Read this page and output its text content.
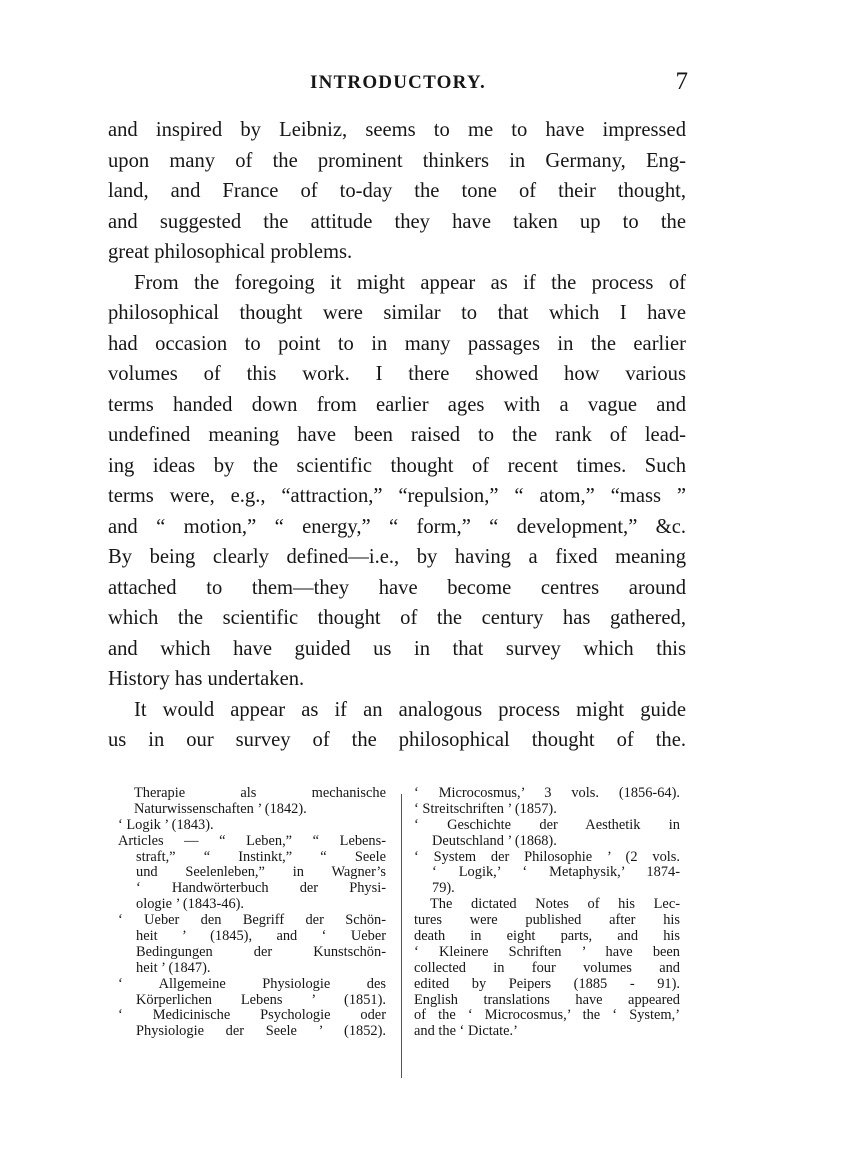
INTRODUCTORY.	7
and inspired by Leibniz, seems to me to have impressed
upon many of the prominent thinkers in Germany, Eng-
land, and France of to-day the tone of their thought,
and suggested the attitude they have taken up to the
great philosophical problems.
From the foregoing it might appear as if the process of
philosophical thought were similar to that which I have
had occasion to point to in many passages in the earlier
volumes of this work. I there showed how various
terms handed down from earlier ages with a vague and
undefined meaning have been raised to the rank of lead-
ing ideas by the scientific thought of recent times. Such
terms were, e.g., “attraction,” “repulsion,” “ atom,” “mass ”
and “ motion,” “ energy,” “ form,” “ development,” &c.
By being clearly defined—i.e., by having a fixed meaning
attached to them—they have become centres around
which the scientific thought of the century has gathered,
and which have guided us in that survey which this
History has undertaken.
It would appear as if an analogous process might guide
us in our survey of the philosophical thought of the.
Therapie als mechanische
Naturwissenschaften ’ (1842).
‘ Logik ’ (1843).
Articles — “ Leben,” “ Lebens-
straft,” “ Instinkt,” “ Seele
und Seelenleben,” in Wagner’s
‘ Handwörterbuch der Physi-
ologie ’ (1843-46).
‘ Ueber den Begriff der Schön-
heit ’ (1845), and ‘ Ueber
Bedingungen der Kunstschön-
heit ’ (1847).
‘ Allgemeine Physiologie des
Körperlichen Lebens ’ (1851).
‘ Medicinische Psychologie oder
Physiologie der Seele ’ (1852).
‘ Microcosmus,’ 3 vols. (1856-64).
‘ Streitschriften ’ (1857).
‘ Geschichte der Aesthetik in
Deutschland ’ (1868).
‘ System der Philosophie ’ (2 vols.
‘ Logik,’ ‘ Metaphysik,’ 1874-
79).
The dictated Notes of his Lec-
tures were published after his
death in eight parts, and his
‘ Kleinere Schriften ’ have been
collected in four volumes and
edited by Peipers (1885 - 91).
English translations have appeared
of the ‘ Microcosmus,’ the ‘ System,’
and the ‘ Dictate.’
